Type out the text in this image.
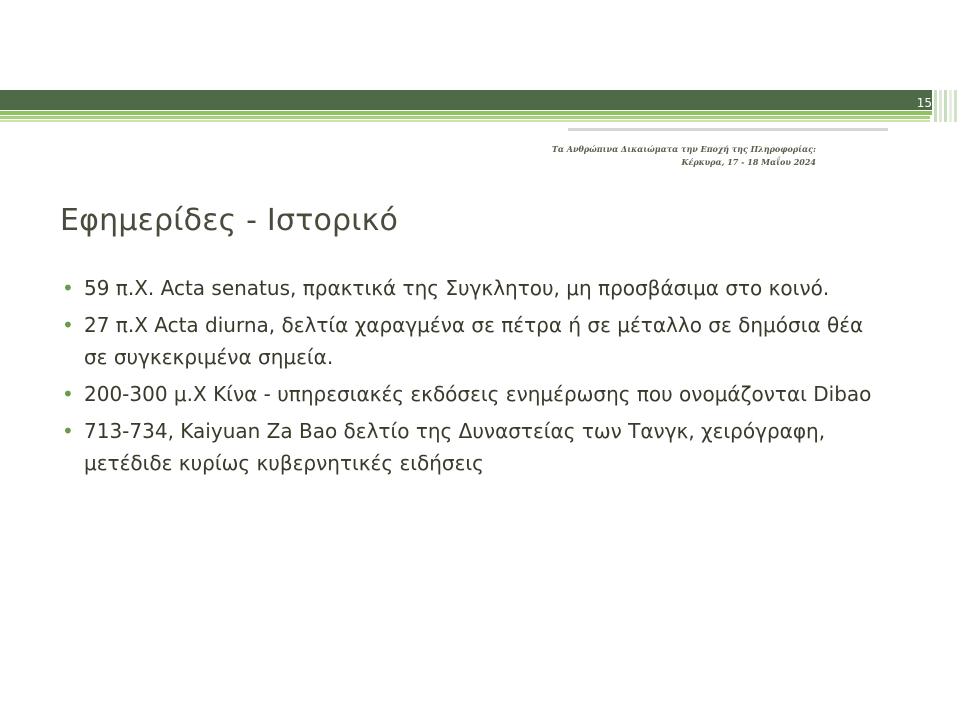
15
Τα Ανθρώπινα Δικαιώματα την Εποχή της Πληροφορίας:
Κέρκυρα, 17 - 18 Μαΐου 2024
Εφημερίδες - Ιστορικό
• 59 π.Χ. Acta senatus, πρακτικά της Συγκλητου, μη προσβάσιμα στο κοινό.
• 27 π.Χ Acta diurna, δελτία χαραγμένα σε πέτρα ή σε μέταλλο σε δημόσια θέα σε συγκεκριμένα σημεία.
• 200-300 μ.Χ Κίνα - υπηρεσιακές εκδόσεις ενημέρωσης που ονομάζονται Dibao
• 713-734, Kaiyuan Za Bao δελτίο της Δυναστείας των Τανγκ, χειρόγραφη, μετέδιδε κυρίως κυβερνητικές ειδήσεις
